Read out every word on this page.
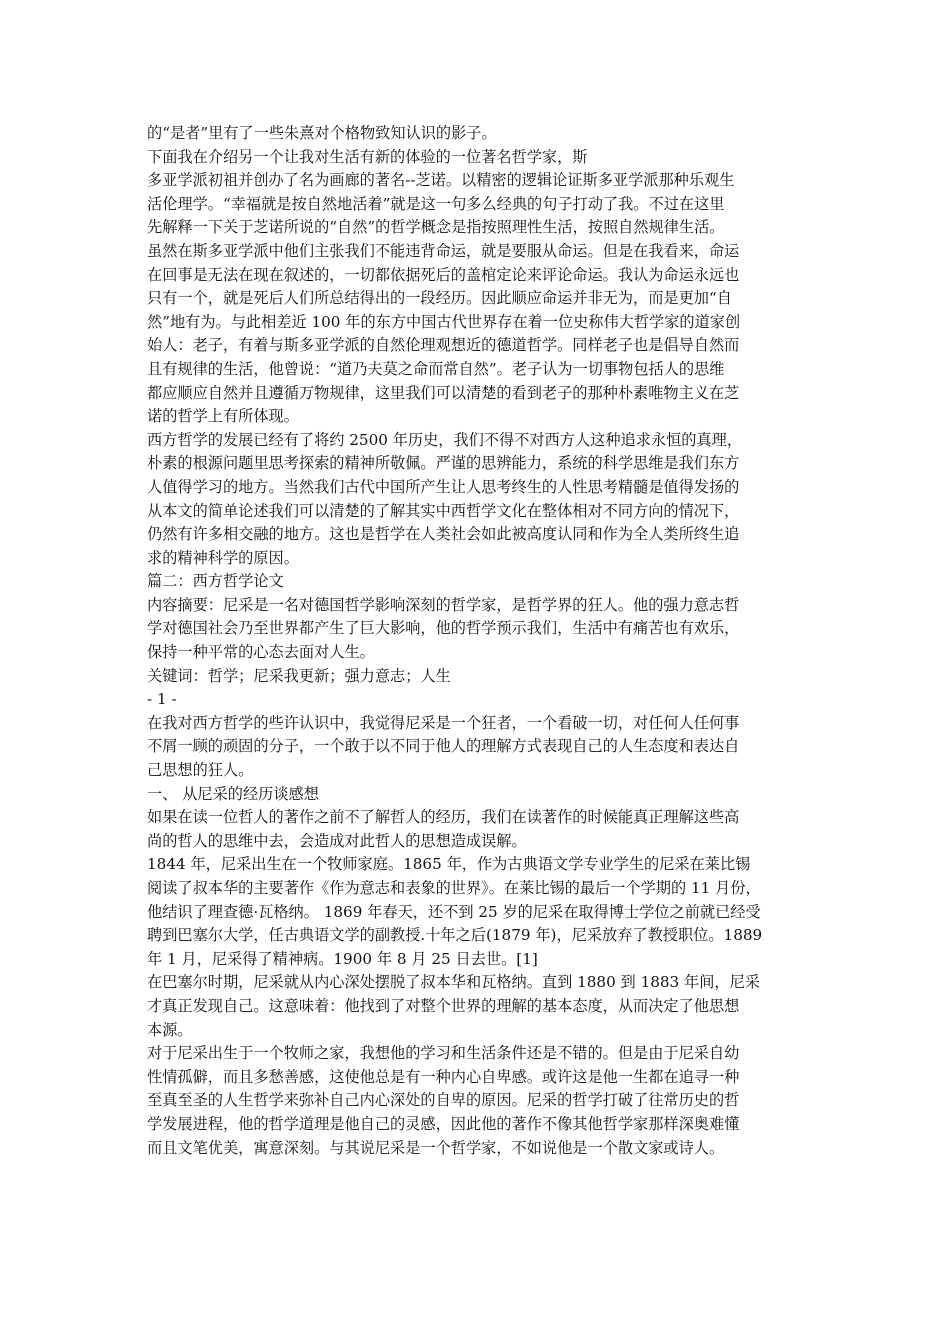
的“是者”里有了一些朱熹对个格物致知认识的影子。
下面我在介绍另一个让我对生活有新的体验的一位著名哲学家，斯
多亚学派初祖并创办了名为画廊的著名--芝诺。以精密的逻辑论证斯多亚学派那种乐观生
活伦理学。“幸福就是按自然地活着”就是这一句多么经典的句子打动了我。不过在这里
先解释一下关于芝诺所说的“自然”的哲学概念是指按照理性生活，按照自然规律生活。
虽然在斯多亚学派中他们主张我们不能违背命运，就是要服从命运。但是在我看来，命运
在回事是无法在现在叙述的，一切都依据死后的盖棺定论来评论命运。我认为命运永远也
只有一个，就是死后人们所总结得出的一段经历。因此顺应命运并非无为，而是更加“自
然”地有为。与此相差近 100 年的东方中国古代世界存在着一位史称伟大哲学家的道家创
始人：老子，有着与斯多亚学派的自然伦理观想近的德道哲学。同样老子也是倡导自然而
且有规律的生活，他曾说：“道乃夫莫之命而常自然”。老子认为一切事物包括人的思维
都应顺应自然并且遵循万物规律，这里我们可以清楚的看到老子的那种朴素唯物主义在芝
诺的哲学上有所体现。
西方哲学的发展已经有了将约 2500 年历史，我们不得不对西方人这种追求永恒的真理，
朴素的根源问题里思考探索的精神所敬佩。严谨的思辨能力，系统的科学思维是我们东方
人值得学习的地方。当然我们古代中国所产生让人思考终生的人性思考精髓是值得发扬的
从本文的简单论述我们可以清楚的了解其实中西哲学文化在整体相对不同方向的情况下，
仍然有许多相交融的地方。这也是哲学在人类社会如此被高度认同和作为全人类所终生追
求的精神科学的原因。
篇二：西方哲学论文
内容摘要：尼采是一名对德国哲学影响深刻的哲学家，是哲学界的狂人。他的强力意志哲
学对德国社会乃至世界都产生了巨大影响，他的哲学预示我们，生活中有痛苦也有欢乐，
保持一种平常的心态去面对人生。
关键词：哲学；尼采我更新；强力意志；人生
- 1 -
在我对西方哲学的些许认识中，我觉得尼采是一个狂者，一个看破一切，对任何人任何事
不屑一顾的顽固的分子，一个敢于以不同于他人的理解方式表现自己的人生态度和表达自
己思想的狂人。
一、 从尼采的经历谈感想
如果在读一位哲人的著作之前不了解哲人的经历，我们在读著作的时候能真正理解这些高
尚的哲人的思维中去，会造成对此哲人的思想造成误解。
1844 年，尼采出生在一个牧师家庭。1865 年，作为古典语文学专业学生的尼采在莱比锡
阅读了叔本华的主要著作《作为意志和表象的世界》。在莱比锡的最后一个学期的 11 月份，
他结识了理查德·瓦格纳。 1869 年春天，还不到 25 岁的尼采在取得博士学位之前就已经受
聘到巴塞尔大学，任古典语文学的副教授.十年之后(1879 年)，尼采放弃了教授职位。1889
年 1 月，尼采得了精神病。1900 年 8 月 25 日去世。[1]
在巴塞尔时期，尼采就从内心深处摆脱了叔本华和瓦格纳。直到 1880 到 1883 年间，尼采
才真正发现自己。这意味着：他找到了对整个世界的理解的基本态度，从而决定了他思想
本源。
对于尼采出生于一个牧师之家，我想他的学习和生活条件还是不错的。但是由于尼采自幼
性情孤僻，而且多愁善感，这使他总是有一种内心自卑感。或许这是他一生都在追寻一种
至真至圣的人生哲学来弥补自己内心深处的自卑的原因。尼采的哲学打破了往常历史的哲
学发展进程，他的哲学道理是他自己的灵感，因此他的著作不像其他哲学家那样深奥难懂
而且文笔优美，寓意深刻。与其说尼采是一个哲学家，不如说他是一个散文家或诗人。
